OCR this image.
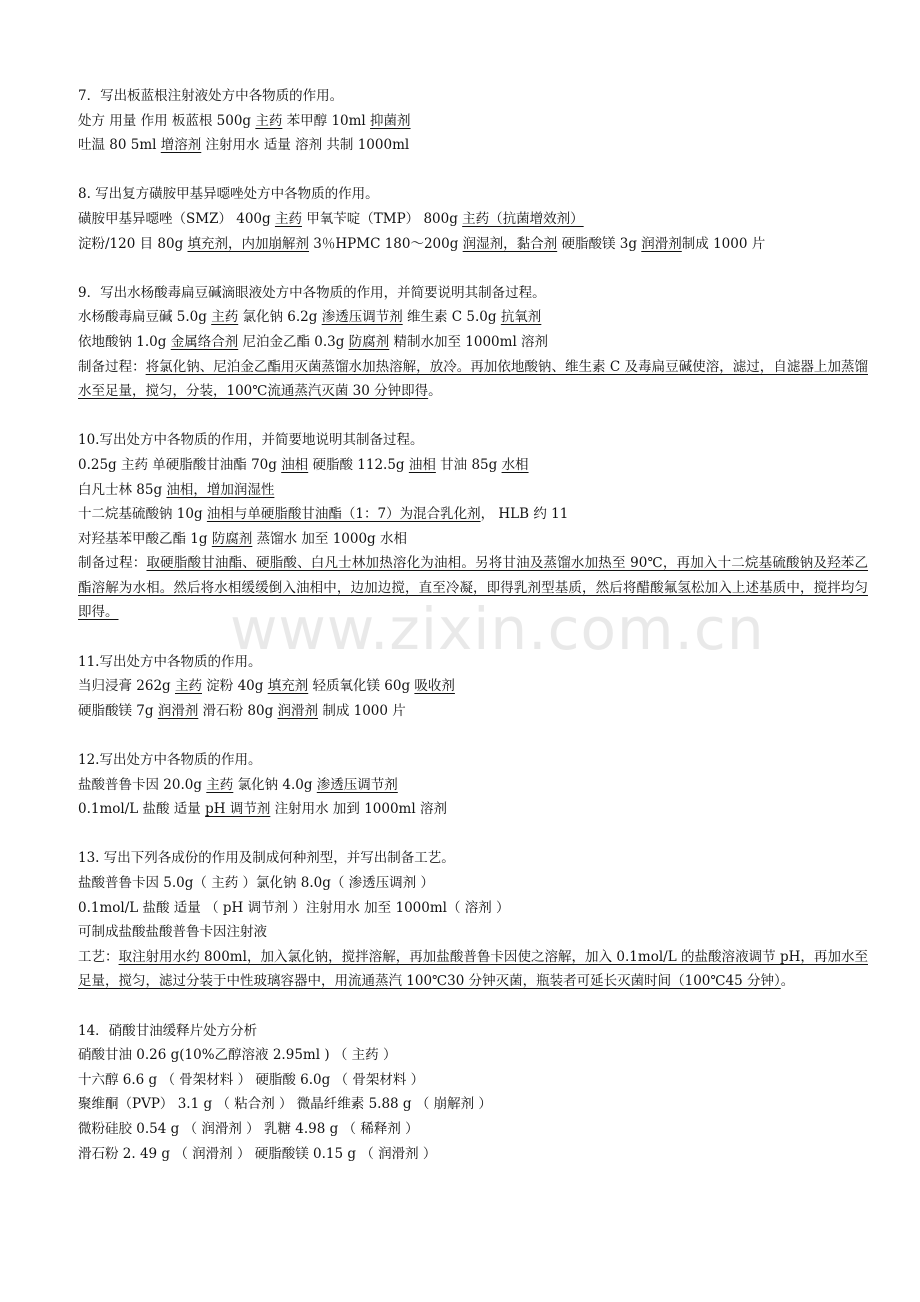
7．写出板蓝根注射液处方中各物质的作用。
处方 用量 作用 板蓝根 500g 主药 苯甲醇 10ml 抑菌剂
吐温 80 5ml 增溶剂 注射用水 适量 溶剂 共制 1000ml
8. 写出复方磺胺甲基异噁唑处方中各物质的作用。
磺胺甲基异噁唑（SMZ） 400g 主药 甲氧苄啶（TMP） 800g 主药（抗菌增效剂）
淀粉/120 目 80g 填充剂，内加崩解剂 3％HPMC 180～200g 润湿剂，黏合剂 硬脂酸镁 3g 润滑剂制成 1000 片
9．写出水杨酸毒扁豆碱滴眼液处方中各物质的作用，并简要说明其制备过程。
水杨酸毒扁豆碱 5.0g 主药 氯化钠 6.2g 渗透压调节剂 维生素 C 5.0g 抗氧剂
依地酸钠 1.0g 金属络合剂 尼泊金乙酯 0.3g 防腐剂 精制水加至 1000ml 溶剂
制备过程：将氯化钠、尼泊金乙酯用灭菌蒸馏水加热溶解，放冷。再加依地酸钠、维生素 C 及毒扁豆碱使溶，滤过，自滤器上加蒸馏水至足量，搅匀，分装，100℃流通蒸汽灭菌 30 分钟即得。
10.写出处方中各物质的作用，并简要地说明其制备过程。
0.25g 主药 单硬脂酸甘油酯 70g 油相 硬脂酸 112.5g 油相 甘油 85g 水相
白凡士林 85g 油相，增加润湿性
十二烷基硫酸钠 10g 油相与单硬脂酸甘油酯（1：7）为混合乳化剂， HLB 约 11
对羟基苯甲酸乙酯 1g 防腐剂 蒸馏水 加至 1000g 水相
制备过程：取硬脂酸甘油酯、硬脂酸、白凡士林加热溶化为油相。另将甘油及蒸馏水加热至 90℃，再加入十二烷基硫酸钠及羟苯乙酯溶解为水相。然后将水相缓缓倒入油相中，边加边搅，直至冷凝，即得乳剂型基质，然后将醋酸氟氢松加入上述基质中，搅拌均匀即得。
11.写出处方中各物质的作用。
当归浸膏 262g 主药 淀粉 40g 填充剂 轻质氧化镁 60g 吸收剂
硬脂酸镁 7g 润滑剂 滑石粉 80g 润滑剂 制成 1000 片
12.写出处方中各物质的作用。
盐酸普鲁卡因 20.0g 主药 氯化钠 4.0g 渗透压调节剂
0.1mol/L 盐酸 适量 pH 调节剂 注射用水 加到 1000ml 溶剂
13. 写出下列各成份的作用及制成何种剂型，并写出制备工艺。
盐酸普鲁卡因 5.0g（ 主药 ）氯化钠 8.0g（ 渗透压调剂 ）
0.1mol/L 盐酸 适量 （ pH 调节剂 ）注射用水 加至 1000ml（ 溶剂 ）
可制成盐酸盐酸普鲁卡因注射液
工艺：取注射用水约 800ml，加入氯化钠，搅拌溶解，再加盐酸普鲁卡因使之溶解，加入 0.1mol/L 的盐酸溶液调节 pH，再加水至足量，搅匀，滤过分装于中性玻璃容器中，用流通蒸汽 100℃30 分钟灭菌，瓶装者可延长灭菌时间（100℃45 分钟）。
14．硝酸甘油缓释片处方分析
硝酸甘油 0.26 g(10%乙醇溶液 2.95ml ) （ 主药 ）
十六醇 6.6 g （ 骨架材料 ） 硬脂酸 6.0g （ 骨架材料 ）
聚维酮（PVP） 3.1 g （ 粘合剂 ） 微晶纤维素 5.88 g （ 崩解剂 ）
微粉硅胶 0.54 g （ 润滑剂 ） 乳糖 4.98 g （ 稀释剂 ）
滑石粉 2. 49 g （ 润滑剂 ） 硬脂酸镁 0.15 g （ 润滑剂 ）
www.zixin.com.cn
